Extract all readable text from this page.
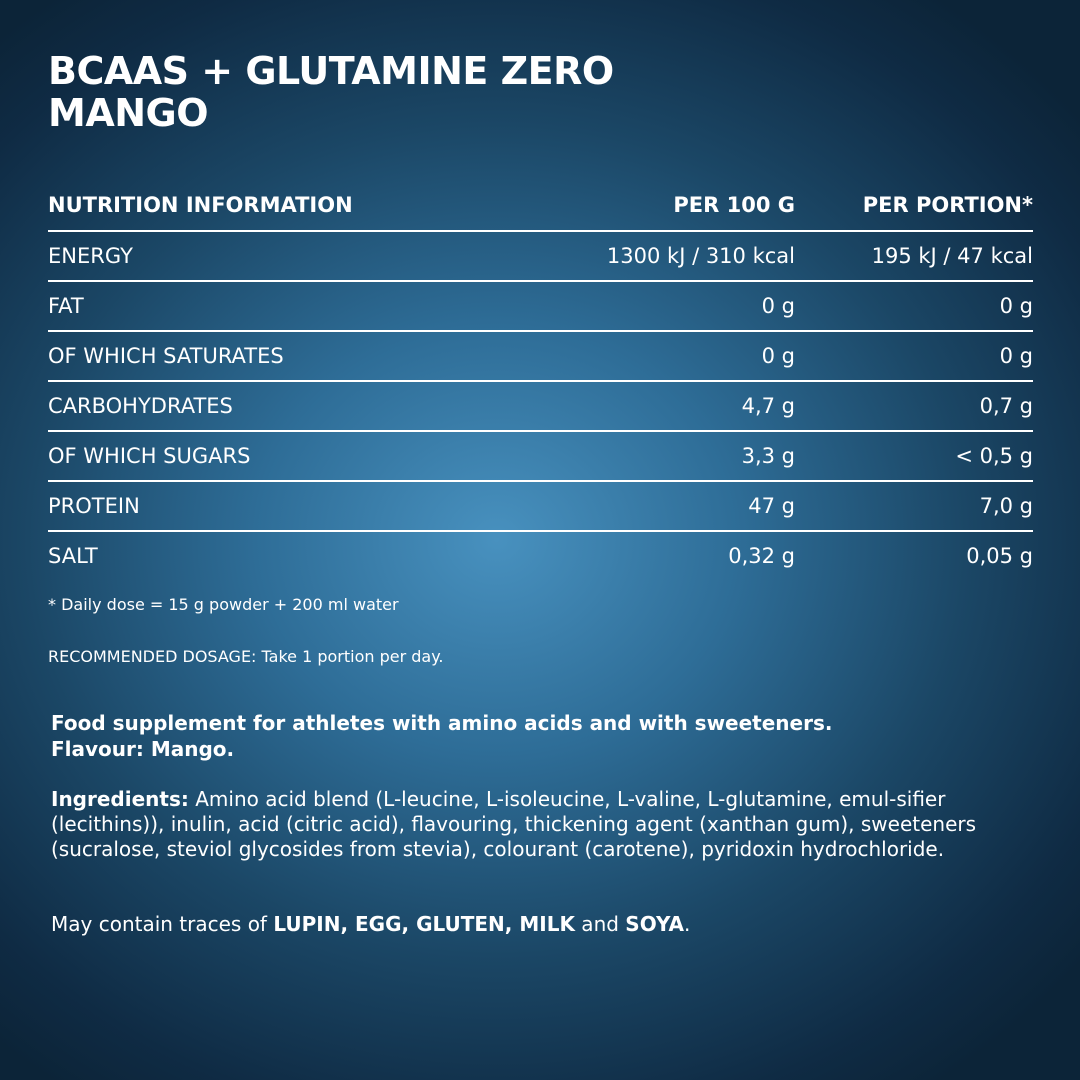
BCAAS + GLUTAMINE ZERO
MANGO
NUTRITION INFORMATION	PER 100 G	PER PORTION*
ENERGY	1300 kJ / 310 kcal	195 kJ / 47 kcal
FAT	0 g	0 g
OF WHICH SATURATES	0 g	0 g
CARBOHYDRATES	4,7 g	0,7 g
OF WHICH SUGARS	3,3 g	< 0,5 g
PROTEIN	47 g	7,0 g
SALT	0,32 g	0,05 g

* Daily dose = 15 g powder + 200 ml water

RECOMMENDED DOSAGE: Take 1 portion per day.

Food supplement for athletes with amino acids and with sweeteners.
Flavour: Mango.

Ingredients: Amino acid blend (L-leucine, L-isoleucine, L-valine, L-glutamine, emul-sifier (lecithins)), inulin, acid (citric acid), flavouring, thickening agent (xanthan gum), sweeteners (sucralose, steviol glycosides from stevia), colourant (carotene), pyridoxin hydrochloride.

May contain traces of LUPIN, EGG, GLUTEN, MILK and SOYA.
